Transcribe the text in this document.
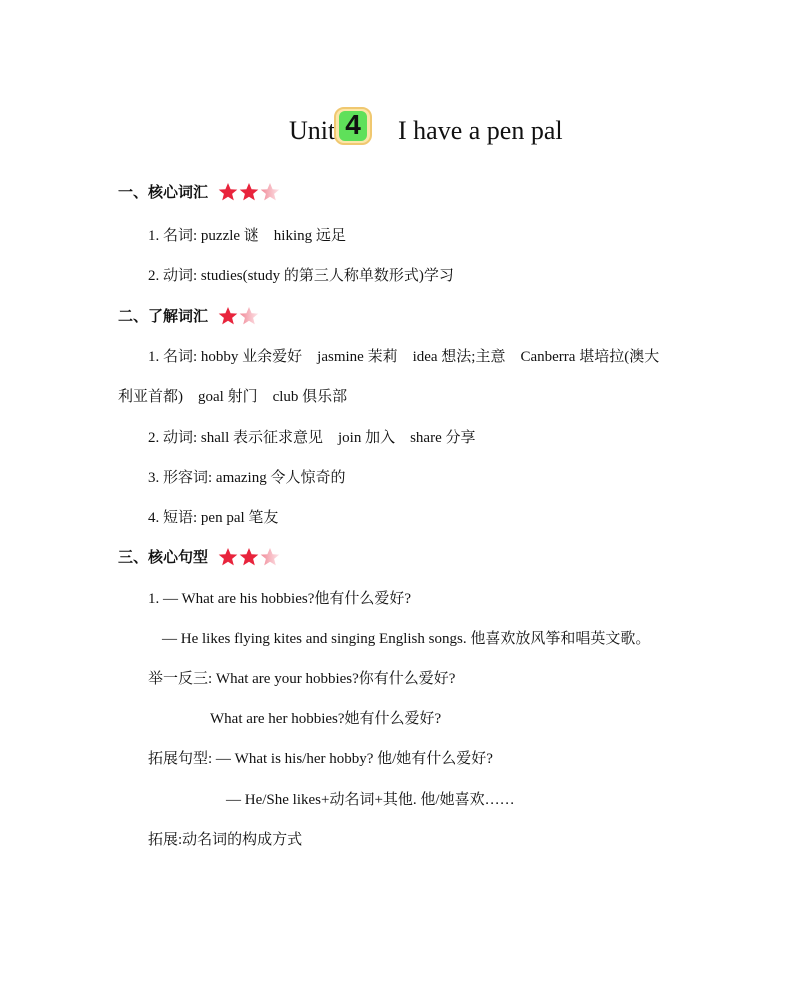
Unit 4	I have a pen pal
一、核心词汇
1. 名词: puzzle 谜　hiking 远足
2. 动词: studies(study 的第三人称单数形式)学习
二、了解词汇
1. 名词: hobby 业余爱好　jasmine 茉莉　idea 想法;主意　Canberra 堪培拉(澳大
利亚首都)　goal 射门　club 俱乐部
2. 动词: shall 表示征求意见　join 加入　share 分享
3. 形容词: amazing 令人惊奇的
4. 短语: pen pal 笔友
三、核心句型
1. — What are his hobbies?他有什么爱好?
— He likes flying kites and singing English songs. 他喜欢放风筝和唱英文歌。
举一反三: What are your hobbies?你有什么爱好?
What are her hobbies?她有什么爱好?
拓展句型: — What is his/her hobby? 他/她有什么爱好?
— He/She likes+动名词+其他. 他/她喜欢……
拓展:动名词的构成方式
